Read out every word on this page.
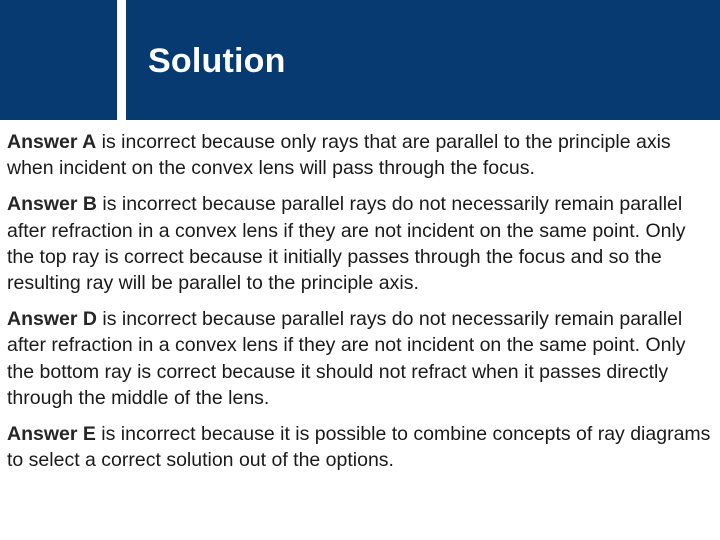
Solution

Answer A is incorrect because only rays that are parallel to the principle axis when incident on the convex lens will pass through the focus.

Answer B is incorrect because parallel rays do not necessarily remain parallel after refraction in a convex lens if they are not incident on the same point. Only the top ray is correct because it initially passes through the focus and so the resulting ray will be parallel to the principle axis.

Answer D is incorrect because parallel rays do not necessarily remain parallel after refraction in a convex lens if they are not incident on the same point. Only the bottom ray is correct because it should not refract when it passes directly through the middle of the lens.

Answer E is incorrect because it is possible to combine concepts of ray diagrams to select a correct solution out of the options.
